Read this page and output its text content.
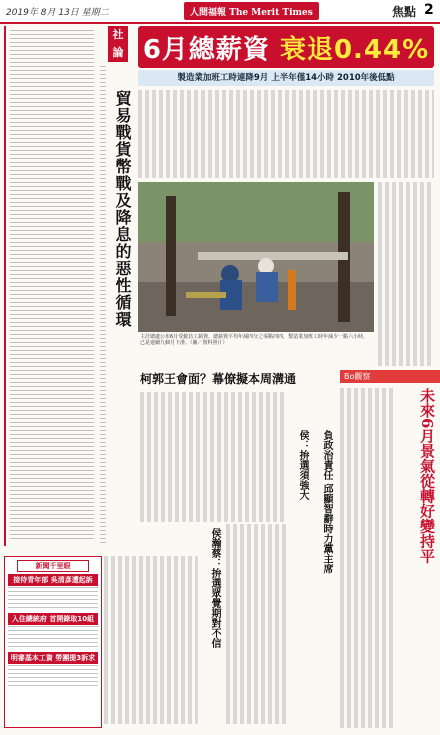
2019年 8月 13日 星期二	人間福報 The Merit Times	焦點 2
社論
貿易戰貨幣戰及降息的惡性循環
6月總薪資 衰退0.44%
製造業加班工時連降9月 上半年僅14小時 2010年後低點
主計總處公布6月受僱員工薪資，總薪資平均年減四分之零點四四，製造業加班工時年減少一點六小時，已是連續九個月下滑。（圖／資料照片）
柯郭王會面？幕僚擬本周溝通
負政治責任 邱顯智辭時力黨主席
侯：拚選須強大
侯瀚蔡：拚選眾覺期對不信
Bo觀察
未來6月景氣從轉好變持平
新聞千里眼
接待青年部 吳清彥遭起訴
入住總統府 首開錄取10組
明審基本工資 勞團提3訴求
